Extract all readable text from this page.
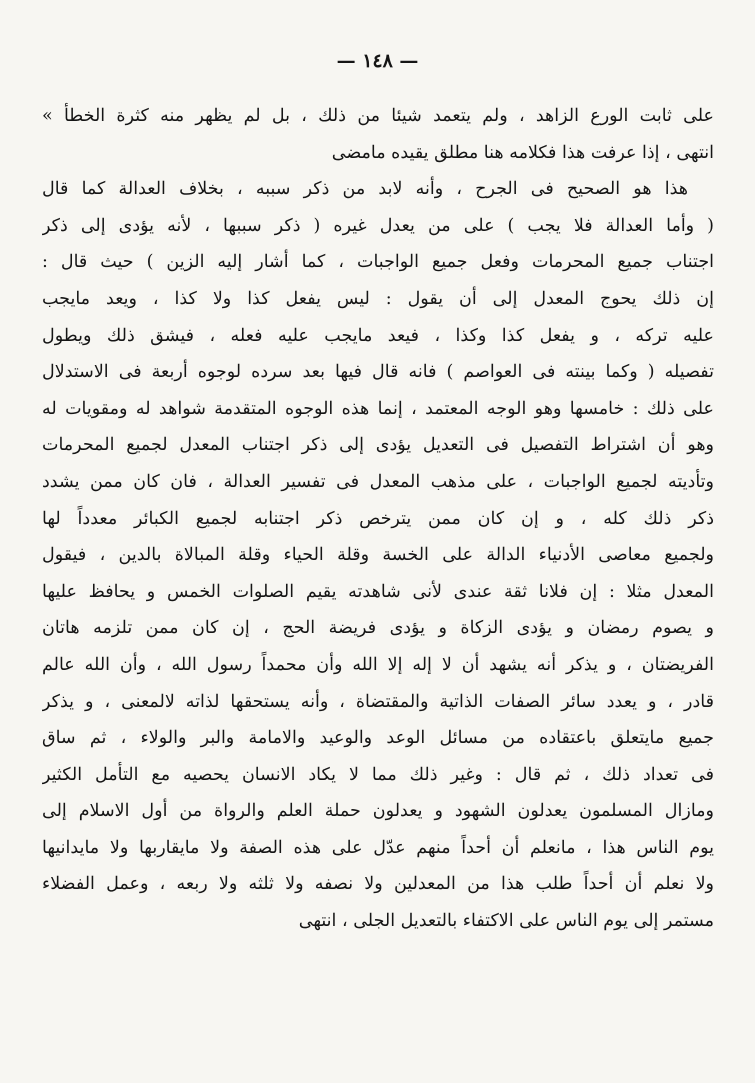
— ١٤٨ —
على ثابت الورع الزاهد ، ولم يتعمد شيئا من ذلك ، بل لم يظهر منه كثرة الخطأ »
انتهى ، إذا عرفت هذا فكلامه هنا مطلق يقيده مامضى
هذا هو الصحيح فى الجرح ، وأنه لابد من ذكر سببه ، بخلاف العدالة كما قال
( وأما العدالة فلا يجب ) على من يعدل غيره ( ذكر سببها ، لأنه يؤدى إلى ذكر
اجتناب جميع المحرمات وفعل جميع الواجبات ، كما أشار إليه الزين ) حيث قال :
إن ذلك يحوج المعدل إلى أن يقول : ليس يفعل كذا ولا كذا ، ويعد مايجب
عليه تركه ، و يفعل كذا وكذا ، فيعد مايجب عليه فعله ، فيشق ذلك ويطول
تفصيله ( وكما بينته فى العواصم ) فانه قال فيها بعد سرده لوجوه أربعة فى الاستدلال
على ذلك : خامسها وهو الوجه المعتمد ، إنما هذه الوجوه المتقدمة شواهد له ومقويات له
وهو أن اشتراط التفصيل فى التعديل يؤدى إلى ذكر اجتناب المعدل لجميع المحرمات
وتأديته لجميع الواجبات ، على مذهب المعدل فى تفسير العدالة ، فان كان ممن يشدد
ذكر ذلك كله ، و إن كان ممن يترخص ذكر اجتنابه لجميع الكبائر معدداً لها
ولجميع معاصى الأدنياء الدالة على الخسة وقلة الحياء وقلة المبالاة بالدين ، فيقول
المعدل مثلا : إن فلانا ثقة عندى لأنى شاهدته يقيم الصلوات الخمس و يحافظ عليها
و يصوم رمضان و يؤدى الزكاة و يؤدى فريضة الحج ، إن كان ممن تلزمه هاتان
الفريضتان ، و يذكر أنه يشهد أن لا إله إلا الله وأن محمداً رسول الله ، وأن الله عالم
قادر ، و يعدد سائر الصفات الذاتية والمقتضاة ، وأنه يستحقها لذاته لالمعنى ، و يذكر
جميع مايتعلق باعتقاده من مسائل الوعد والوعيد والامامة والبر والولاء ، ثم ساق
فى تعداد ذلك ، ثم قال : وغير ذلك مما لا يكاد الانسان يحصيه مع التأمل الكثير
ومازال المسلمون يعدلون الشهود و يعدلون حملة العلم والرواة من أول الاسلام إلى
يوم الناس هذا ، مانعلم أن أحداً منهم عدّل على هذه الصفة ولا مايقاربها ولا مايدانيها
ولا نعلم أن أحداً طلب هذا من المعدلين ولا نصفه ولا ثلثه ولا ربعه ، وعمل الفضلاء
مستمر إلى يوم الناس على الاكتفاء بالتعديل الجلى ، انتهى
